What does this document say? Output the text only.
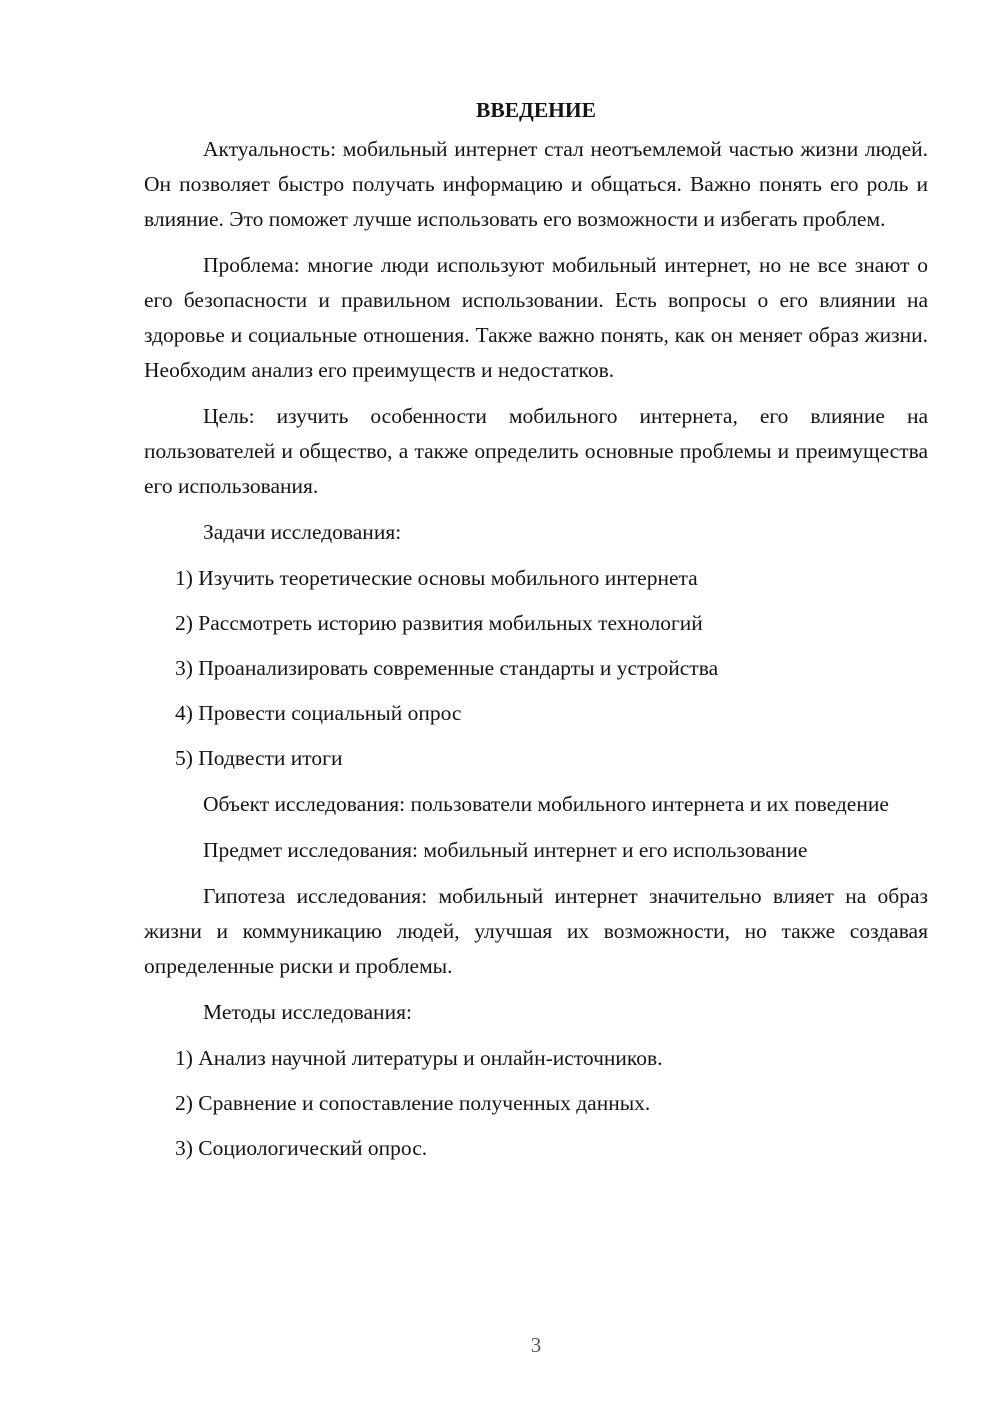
ВВЕДЕНИЕ

Актуальность: мобильный интернет стал неотъемлемой частью жизни людей. Он позволяет быстро получать информацию и общаться. Важно понять его роль и влияние. Это поможет лучше использовать его возможности и избегать проблем.

Проблема: многие люди используют мобильный интернет, но не все знают о его безопасности и правильном использовании. Есть вопросы о его влиянии на здоровье и социальные отношения. Также важно понять, как он меняет образ жизни. Необходим анализ его преимуществ и недостатков.

Цель: изучить особенности мобильного интернета, его влияние на пользователей и общество, а также определить основные проблемы и преимущества его использования.

Задачи исследования:

1) Изучить теоретические основы мобильного интернета
2) Рассмотреть историю развития мобильных технологий
3) Проанализировать современные стандарты и устройства
4) Провести социальный опрос
5) Подвести итоги

Объект исследования: пользователи мобильного интернета и их поведение

Предмет исследования: мобильный интернет и его использование

Гипотеза исследования: мобильный интернет значительно влияет на образ жизни и коммуникацию людей, улучшая их возможности, но также создавая определенные риски и проблемы.

Методы исследования:

1) Анализ научной литературы и онлайн-источников.
2) Сравнение и сопоставление полученных данных.
3) Социологический опрос.
3
